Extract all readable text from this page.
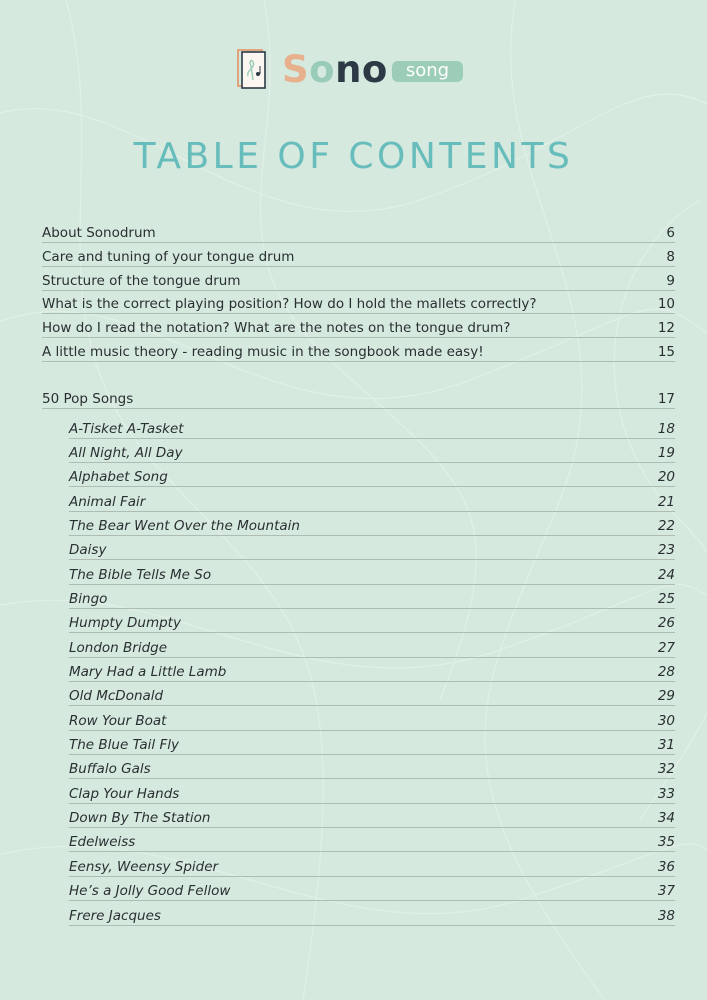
Sono	song
TABLE OF CONTENTS
About Sonodrum	6
Care and tuning of your tongue drum	8
Structure of the tongue drum	9
What is the correct playing position? How do I hold the mallets correctly?	10
How do I read the notation? What are the notes on the tongue drum?	12
A little music theory - reading music in the songbook made easy!	15
50 Pop Songs	17
A-Tisket A-Tasket	18
All Night, All Day	19
Alphabet Song	20
Animal Fair	21
The Bear Went Over the Mountain	22
Daisy	23
The Bible Tells Me So	24
Bingo	25
Humpty Dumpty	26
London Bridge	27
Mary Had a Little Lamb	28
Old McDonald	29
Row Your Boat	30
The Blue Tail Fly	31
Buffalo Gals	32
Clap Your Hands	33
Down By The Station	34
Edelweiss	35
Eensy, Weensy Spider	36
He’s a Jolly Good Fellow	37
Frere Jacques	38
